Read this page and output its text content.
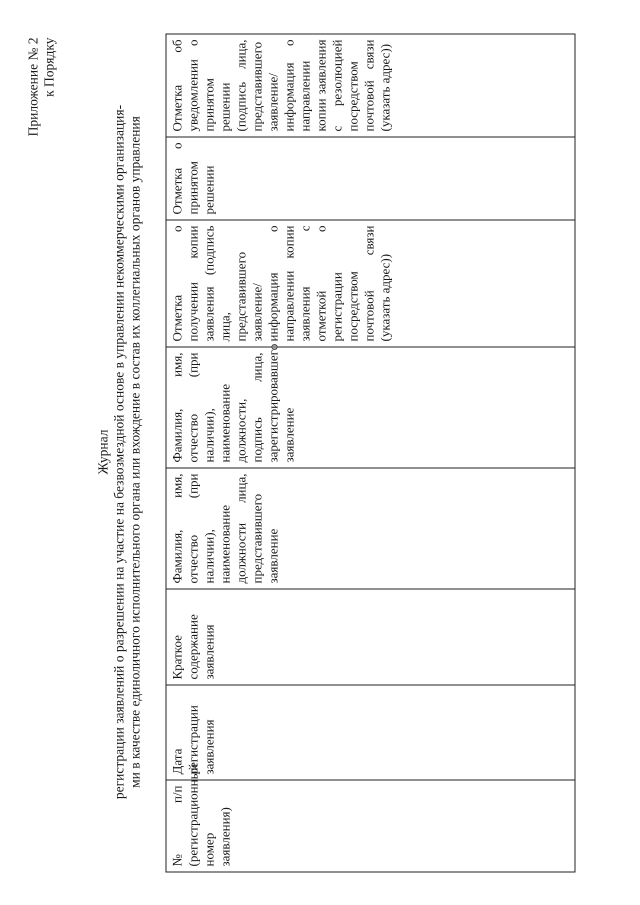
Приложение № 2 к Порядку
Журнал регистрации заявлений о разрешении на участие на безвозмездной основе в управлении некоммерческими организация- ми в качестве единоличного исполнительного органа или вхождение в состав их коллегиальных органов управления
№ п/п (регистрационный номер заявления)	Дата регистрации заявления	Краткое содержание заявления	Фамилия, имя, отчество (при наличии), наименование должности лица, представившего заявление	Фамилия, имя, отчество (при наличии), наименование должности, подпись лица, зарегистрировавшего заявление	Отметка о получении копии заявления (подпись лица, представившего заявление/ информация о направлении копии заявления с отметкой о регистрации посредством почтовой связи (указать адрес))	Отметка о принятом решении	Отметка об уведомлении о принятом решении (подпись лица, представившего заявление/ информация о направлении копии заявления с резолюцией посредством почтовой связи (указать адрес))
